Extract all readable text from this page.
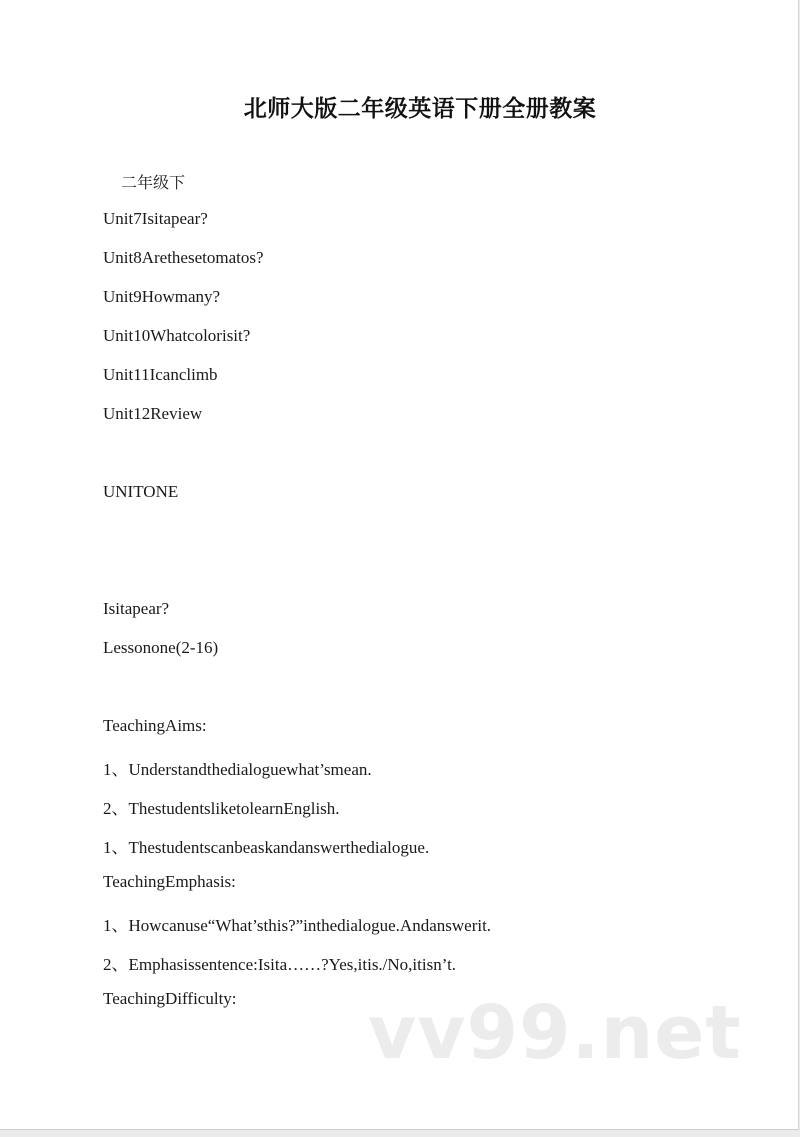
北师大版二年级英语下册全册教案
二年级下
Unit7Isitapear?
Unit8Arethesetomatos?
Unit9Howmany?
Unit10Whatcolorisit?
Unit11Icanclimb
Unit12Review
UNITONE
Isitapear?
Lessonone(2-16)
TeachingAims:
1、Understandthedialoguewhat’smean.
2、ThestudentsliketolearnEnglish.
1、Thestudentscanbeaskandanswerthedialogue.
TeachingEmphasis:
1、Howcanuse“What’sthis?”inthedialogue.Andanswerit.
2、Emphasissentence:Isita……?Yes,itis./No,itisn’t.
TeachingDifficulty: vv99.net
